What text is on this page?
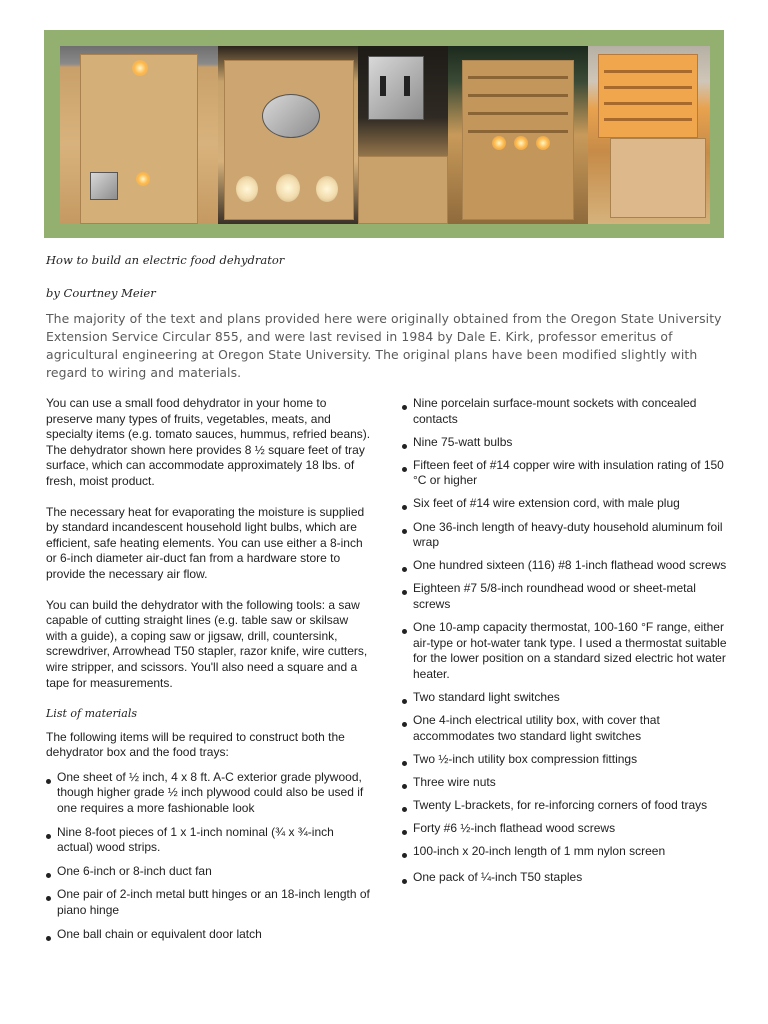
How to build an electric food dehydrator
by Courtney Meier

The majority of the text and plans provided here were originally obtained from the Oregon State University Extension Service Circular 855, and were last revised in 1984 by Dale E. Kirk, professor emeritus of agricultural engineering at Oregon State University. The original plans have been modified slightly with regard to wiring and materials.

You can use a small food dehydrator in your home to preserve many types of fruits, vegetables, meats, and specialty items (e.g. tomato sauces, hummus, refried beans). The dehydrator shown here provides 8 ½ square feet of tray surface, which can accommodate approximately 18 lbs. of fresh, moist product.

The necessary heat for evaporating the moisture is supplied by standard incandescent household light bulbs, which are efficient, safe heating elements. You can use either a 8-inch or 6-inch diameter air-duct fan from a hardware store to provide the necessary air flow.

You can build the dehydrator with the following tools: a saw capable of cutting straight lines (e.g. table saw or skilsaw with a guide), a coping saw or jigsaw, drill, countersink, screwdriver, Arrowhead T50 stapler, razor knife, wire cutters, wire stripper, and scissors. You'll also need a square and a tape for measurements.

List of materials

The following items will be required to construct both the dehydrator box and the food trays:

One sheet of ½ inch, 4 x 8 ft. A-C exterior grade plywood, though higher grade ½ inch plywood could also be used if one requires a more fashionable look
Nine 8-foot pieces of 1 x 1-inch nominal (¾ x ¾-inch actual) wood strips.
One 6-inch or 8-inch duct fan
One pair of 2-inch metal butt hinges or an 18-inch length of piano hinge
One ball chain or equivalent door latch
Nine porcelain surface-mount sockets with concealed contacts
Nine 75-watt bulbs
Fifteen feet of #14 copper wire with insulation rating of 150 °C or higher
Six feet of #14 wire extension cord, with male plug
One 36-inch length of heavy-duty household aluminum foil wrap
One hundred sixteen (116) #8 1-inch flathead wood screws
Eighteen #7 5/8-inch roundhead wood or sheet-metal screws
One 10-amp capacity thermostat, 100-160 °F range, either air-type or hot-water tank type. I used a thermostat suitable for the lower position on a standard sized electric hot water heater.
Two standard light switches
One 4-inch electrical utility box, with cover that accommodates two standard light switches
Two ½-inch utility box compression fittings
Three wire nuts
Twenty L-brackets, for re-inforcing corners of food trays
Forty #6 ½-inch flathead wood screws
100-inch x 20-inch length of 1 mm nylon screen
One pack of ¼-inch T50 staples
